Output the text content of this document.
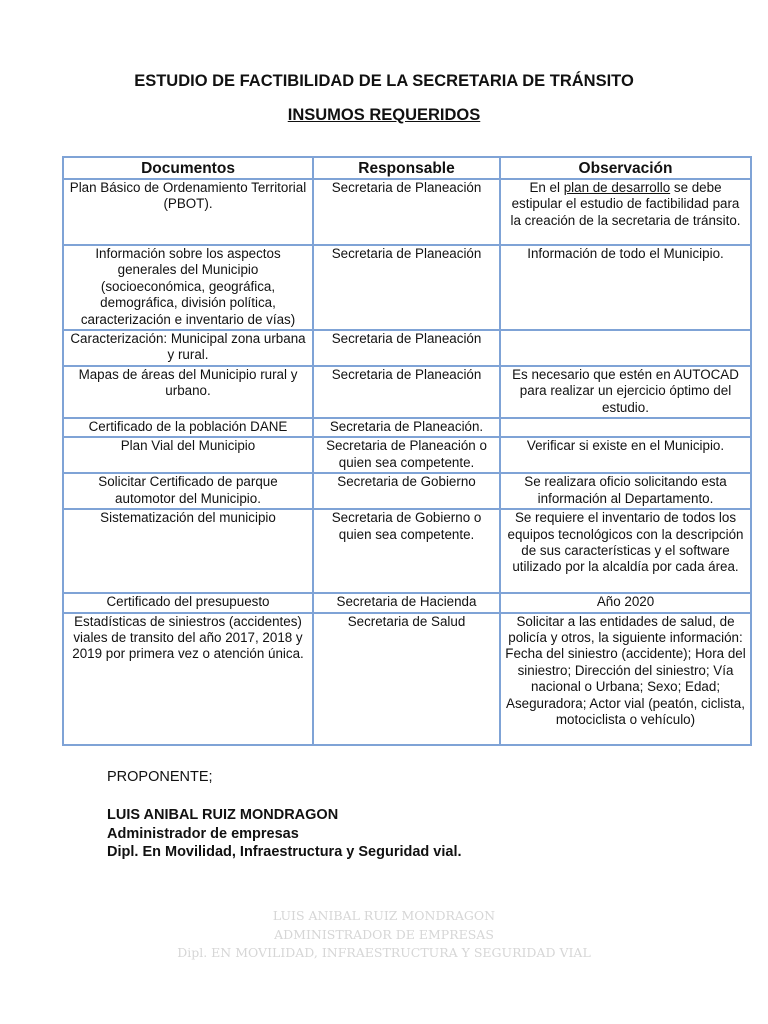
ESTUDIO DE FACTIBILIDAD DE LA SECRETARIA DE TRÁNSITO
INSUMOS REQUERIDOS
Documentos	Responsable	Observación
Plan Básico de Ordenamiento Territorial (PBOT).	Secretaria de Planeación	En el plan de desarrollo se debe estipular el estudio de factibilidad para la creación de la secretaria de tránsito.
Información sobre los aspectos generales del Municipio (socioeconómica, geográfica, demográfica, división política, caracterización e inventario de vías)	Secretaria de Planeación	Información de todo el Municipio.
Caracterización: Municipal zona urbana y rural.	Secretaria de Planeación	
Mapas de áreas del Municipio rural y urbano.	Secretaria de Planeación	Es necesario que estén en AUTOCAD para realizar un ejercicio óptimo del estudio.
Certificado de la población DANE	Secretaria de Planeación.	
Plan Vial del Municipio	Secretaria de Planeación o quien sea competente.	Verificar si existe en el Municipio.
Solicitar Certificado de parque automotor del Municipio.	Secretaria de Gobierno	Se realizara oficio solicitando esta información al Departamento.
Sistematización del municipio	Secretaria de Gobierno o quien sea competente.	Se requiere el inventario de todos los equipos tecnológicos con la descripción de sus características y el software utilizado por la alcaldía por cada área.
Certificado del presupuesto	Secretaria de Hacienda	Año 2020
Estadísticas de siniestros (accidentes) viales de transito del año 2017, 2018 y 2019 por primera vez o atención única.	Secretaria de Salud	Solicitar a las entidades de salud, de policía y otros, la siguiente información: Fecha del siniestro (accidente); Hora del siniestro; Dirección del siniestro; Vía nacional o Urbana; Sexo; Edad; Aseguradora; Actor vial (peatón, ciclista, motociclista o vehículo)
PROPONENTE;
LUIS ANIBAL RUIZ MONDRAGON
Administrador de empresas
Dipl. En Movilidad, Infraestructura y Seguridad vial.
LUIS ANIBAL RUIZ MONDRAGON
ADMINISTRADOR DE EMPRESAS
Dipl. EN MOVILIDAD, INFRAESTRUCTURA Y SEGURIDAD VIAL
